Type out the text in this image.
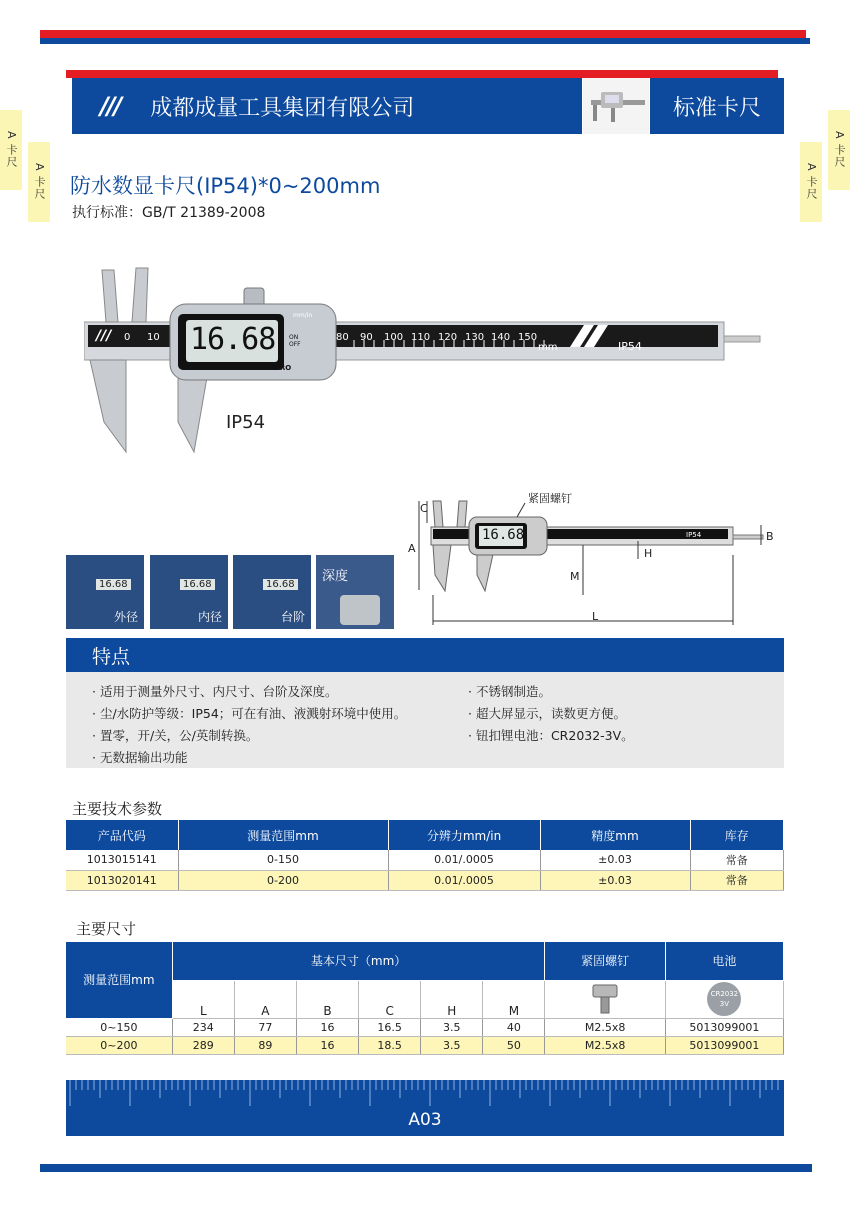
/// 成都成量工具集团有限公司	标准卡尺
A 卡尺
A 卡尺
A 卡尺
A 卡尺
防水数显卡尺(IP54)*0~200mm
执行标准：GB/T 21389-2008
16.68
mm/in
ON OFF
ZERO
/// 0 10	80 90 100 110 120 130 140 150
mm	IP54
IP54
紧固螺钉
16.68	IP54
A
B
C
H
M
L
16.68
外径
16.68
内径
16.68
台阶
深度
特点
· 适用于测量外尺寸、内尺寸、台阶及深度。
· 尘/水防护等级：IP54；可在有油、液溅射环境中使用。
· 置零，开/关，公/英制转换。
· 无数据输出功能
· 不锈钢制造。
· 超大屏显示，读数更方便。
· 钮扣锂电池：CR2032-3V。
主要技术参数
产品代码	测量范围mm	分辨力mm/in	精度mm	库存
1013015141	0-150	0.01/.0005	±0.03	常备
1013020141	0-200	0.01/.0005	±0.03	常备
主要尺寸
测量范围mm	基本尺寸（mm）						紧固螺钉	电池
	L	A	B	C	H	M		CR2032 3V

0~150	234	77	16	16.5	3.5	40	M2.5x8	5013099001
0~200	289	89	16	18.5	3.5	50	M2.5x8	5013099001
A03
